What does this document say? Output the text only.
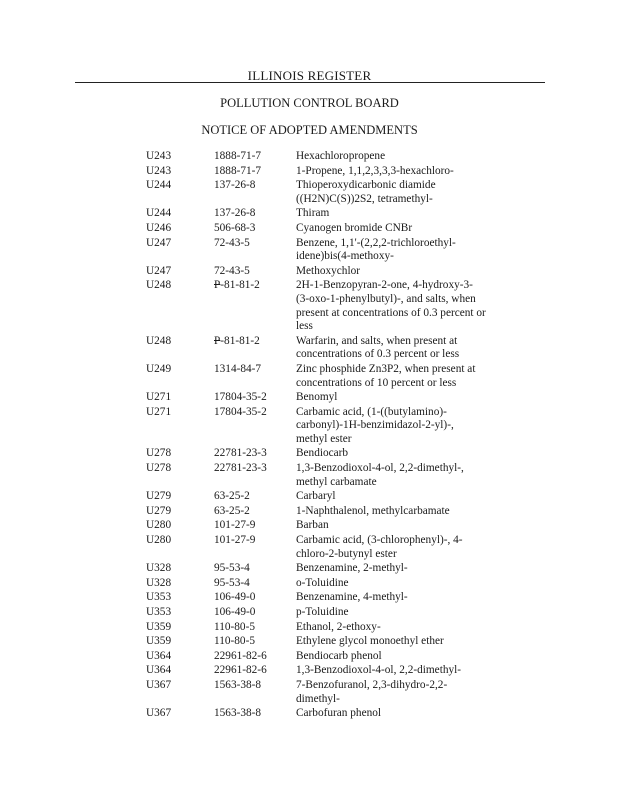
ILLINOIS REGISTER
POLLUTION CONTROL BOARD
NOTICE OF ADOPTED AMENDMENTS
U243	1888-71-7	Hexachloropropene
U243	1888-71-7	1-Propene, 1,1,2,3,3,3-hexachloro-
U244	137-26-8	Thioperoxydicarbonic diamide ((H2N)C(S))2S2, tetramethyl-
U244	137-26-8	Thiram
U246	506-68-3	Cyanogen bromide CNBr
U247	72-43-5	Benzene, 1,1'-(2,2,2-trichloroethyl-idene)bis(4-methoxy-
U247	72-43-5	Methoxychlor
U248	P-81-81-2	2H-1-Benzopyran-2-one, 4-hydroxy-3-(3-oxo-1-phenylbutyl)-, and salts, when present at concentrations of 0.3 percent or less
U248	P-81-81-2	Warfarin, and salts, when present at concentrations of 0.3 percent or less
U249	1314-84-7	Zinc phosphide Zn3P2, when present at concentrations of 10 percent or less
U271	17804-35-2	Benomyl
U271	17804-35-2	Carbamic acid, (1-((butylamino)-carbonyl)-1H-benzimidazol-2-yl)-, methyl ester
U278	22781-23-3	Bendiocarb
U278	22781-23-3	1,3-Benzodioxol-4-ol, 2,2-dimethyl-, methyl carbamate
U279	63-25-2	Carbaryl
U279	63-25-2	1-Naphthalenol, methylcarbamate
U280	101-27-9	Barban
U280	101-27-9	Carbamic acid, (3-chlorophenyl)-, 4-chloro-2-butynyl ester
U328	95-53-4	Benzenamine, 2-methyl-
U328	95-53-4	o-Toluidine
U353	106-49-0	Benzenamine, 4-methyl-
U353	106-49-0	p-Toluidine
U359	110-80-5	Ethanol, 2-ethoxy-
U359	110-80-5	Ethylene glycol monoethyl ether
U364	22961-82-6	Bendiocarb phenol
U364	22961-82-6	1,3-Benzodioxol-4-ol, 2,2-dimethyl-
U367	1563-38-8	7-Benzofuranol, 2,3-dihydro-2,2-dimethyl-
U367	1563-38-8	Carbofuran phenol
